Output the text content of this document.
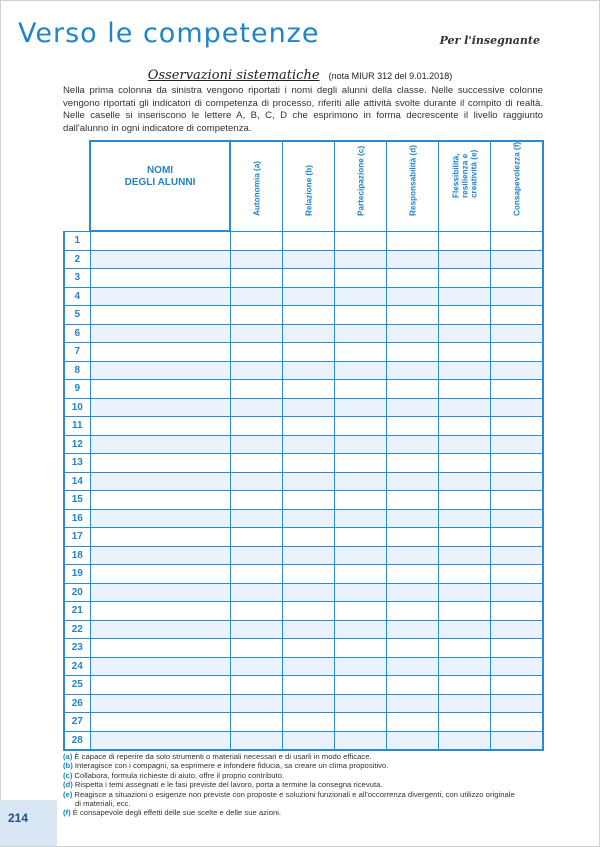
Verso le competenze	Per l'insegnante
Osservazioni sistematiche (nota MIUR 312 del 9.01.2018)
Nella prima colonna da sinistra vengono riportati i nomi degli alunni della classe. Nelle successive colonne vengono riportati gli indicatori di competenza di processo, riferiti alle attività svolte durante il compito di realtà. Nelle caselle si inseriscono le lettere A, B, C, D che esprimono in forma decrescente il livello raggiunto dall'alunno in ogni indicatore di competenza.

	NOMI
DEGLI ALUNNI	Autonomia (a)	Relazione (b)	Partecipazione (c)	Responsabilità (d)	Flessibilità, resilienza e creatività (e)	Consapevolezza (f)

1							
2							
3							
4							
5							
6							
7							
8							
9							
10							
11							
12							
13							
14							
15							
16							
17							
18							
19							
20							
21							
22							
23							
24							
25							
26							
27							
28							

(a) È capace di reperire da solo strumenti o materiali necessari e di usarli in modo efficace.

(b) Interagisce con i compagni, sa esprimere e infondere fiducia, sa creare un clima propositivo.

(c) Collabora, formula richieste di aiuto, offre il proprio contributo.

(d) Rispetta i temi assegnati e le fasi previste del lavoro, porta a termine la consegna ricevuta.

(e) Reagisce a situazioni o esigenze non previste con proposte e soluzioni funzionali e all'occorrenza divergenti, con utilizzo originale
di materiali, ecc.

(f) È consapevole degli effetti delle sue scelte e delle sue azioni.

214
